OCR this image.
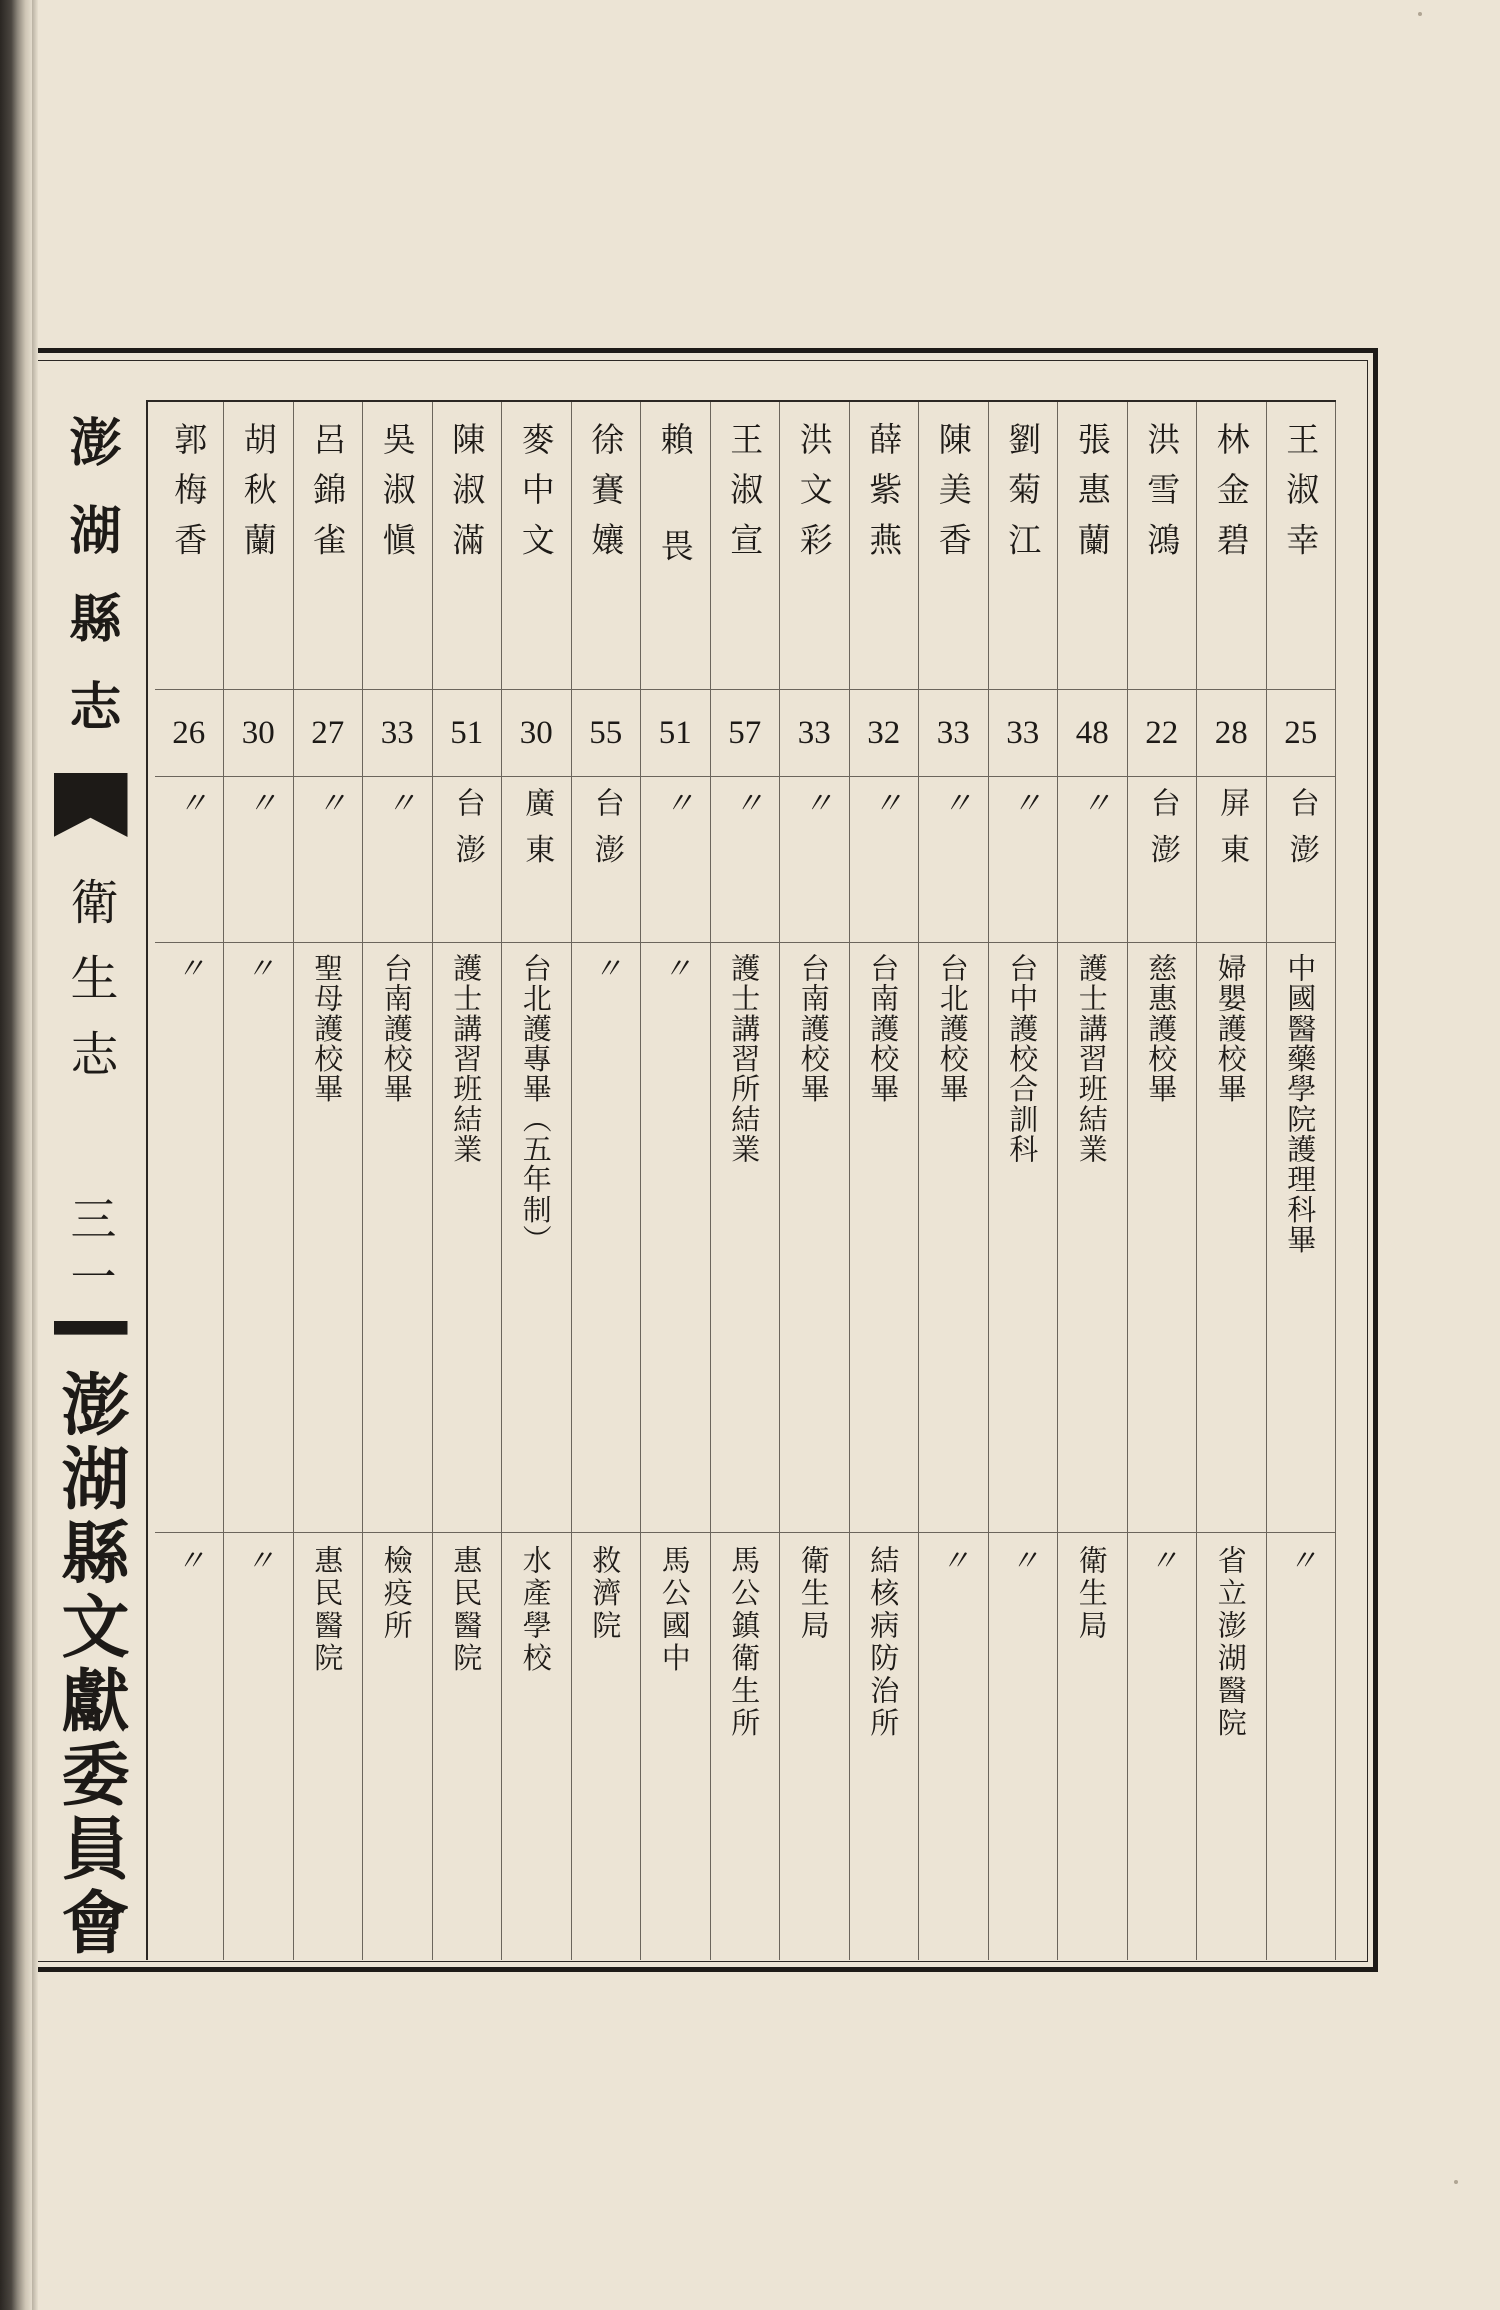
澎湖縣志
衛生志
三一
澎湖縣文獻委員會
王淑幸
25
台澎
中國醫藥學院護理科畢
〃
林金碧
28
屏東
婦嬰護校畢
省立澎湖醫院
洪雪鴻
22
台澎
慈惠護校畢
〃
張惠蘭
48
〃
護士講習班結業
衛生局
劉菊江
33
〃
台中護校合訓科
〃
陳美香
33
〃
台北護校畢
〃
薛紫燕
32
〃
台南護校畢
結核病防治所
洪文彩
33
〃
台南護校畢
衛生局
王淑宣
57
〃
護士講習所結業
馬公鎮衛生所
賴 畏
51
〃
〃
馬公國中
徐賽孃
55
台澎
〃
救濟院
麥中文
30
廣東
台北護專畢（五年制）
水產學校
陳淑滿
51
台澎
護士講習班結業
惠民醫院
吳淑愼
33
〃
台南護校畢
檢疫所
呂錦雀
27
〃
聖母護校畢
惠民醫院
胡秋蘭
30
〃
〃
〃
郭梅香
26
〃
〃
〃
